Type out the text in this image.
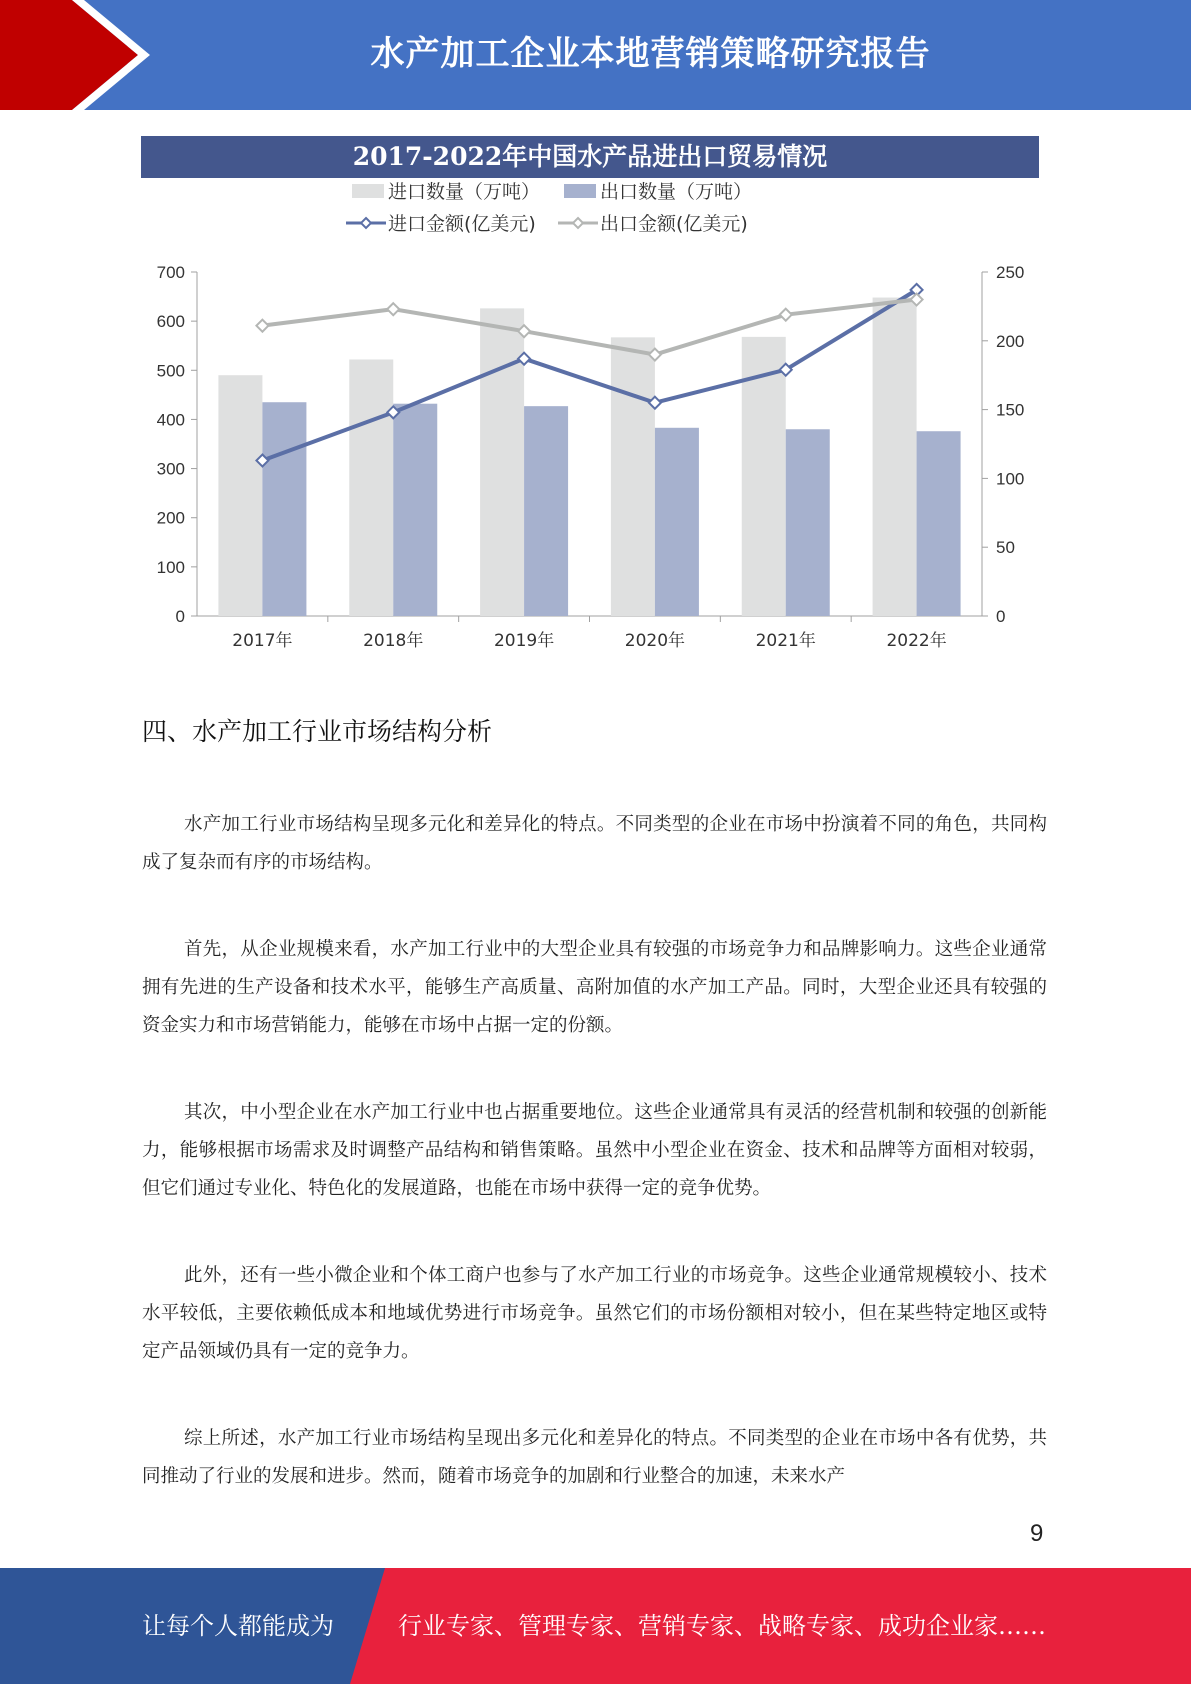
水产加工企业本地营销策略研究报告
0
100
200
300
400
500
600
700
0
50
100
150
200
250
2017年	2018年	2019年	2020年	2021年	2022年
进口数量（万吨）	出口数量（万吨）
进口金额(亿美元)	出口金额(亿美元)
2017-2022年中国水产品进出口贸易情况
四、水产加工行业市场结构分析

水产加工行业市场结构呈现多元化和差异化的特点。不同类型的企业在市场中扮演着不同的角色，共同构成了复杂而有序的市场结构。

首先，从企业规模来看，水产加工行业中的大型企业具有较强的市场竞争力和品牌影响力。这些企业通常拥有先进的生产设备和技术水平，能够生产高质量、高附加值的水产加工产品。同时，大型企业还具有较强的资金实力和市场营销能力，能够在市场中占据一定的份额。

其次，中小型企业在水产加工行业中也占据重要地位。这些企业通常具有灵活的经营机制和较强的创新能力，能够根据市场需求及时调整产品结构和销售策略。虽然中小型企业在资金、技术和品牌等方面相对较弱，但它们通过专业化、特色化的发展道路，也能在市场中获得一定的竞争优势。

此外，还有一些小微企业和个体工商户也参与了水产加工行业的市场竞争。这些企业通常规模较小、技术水平较低，主要依赖低成本和地域优势进行市场竞争。虽然它们的市场份额相对较小，但在某些特定地区或特定产品领域仍具有一定的竞争力。

综上所述，水产加工行业市场结构呈现出多元化和差异化的特点。不同类型的企业在市场中各有优势，共同推动了行业的发展和进步。然而，随着市场竞争的加剧和行业整合的加速，未来水产

9
让每个人都能成为	行业专家、管理专家、营销专家、战略专家、成功企业家……
